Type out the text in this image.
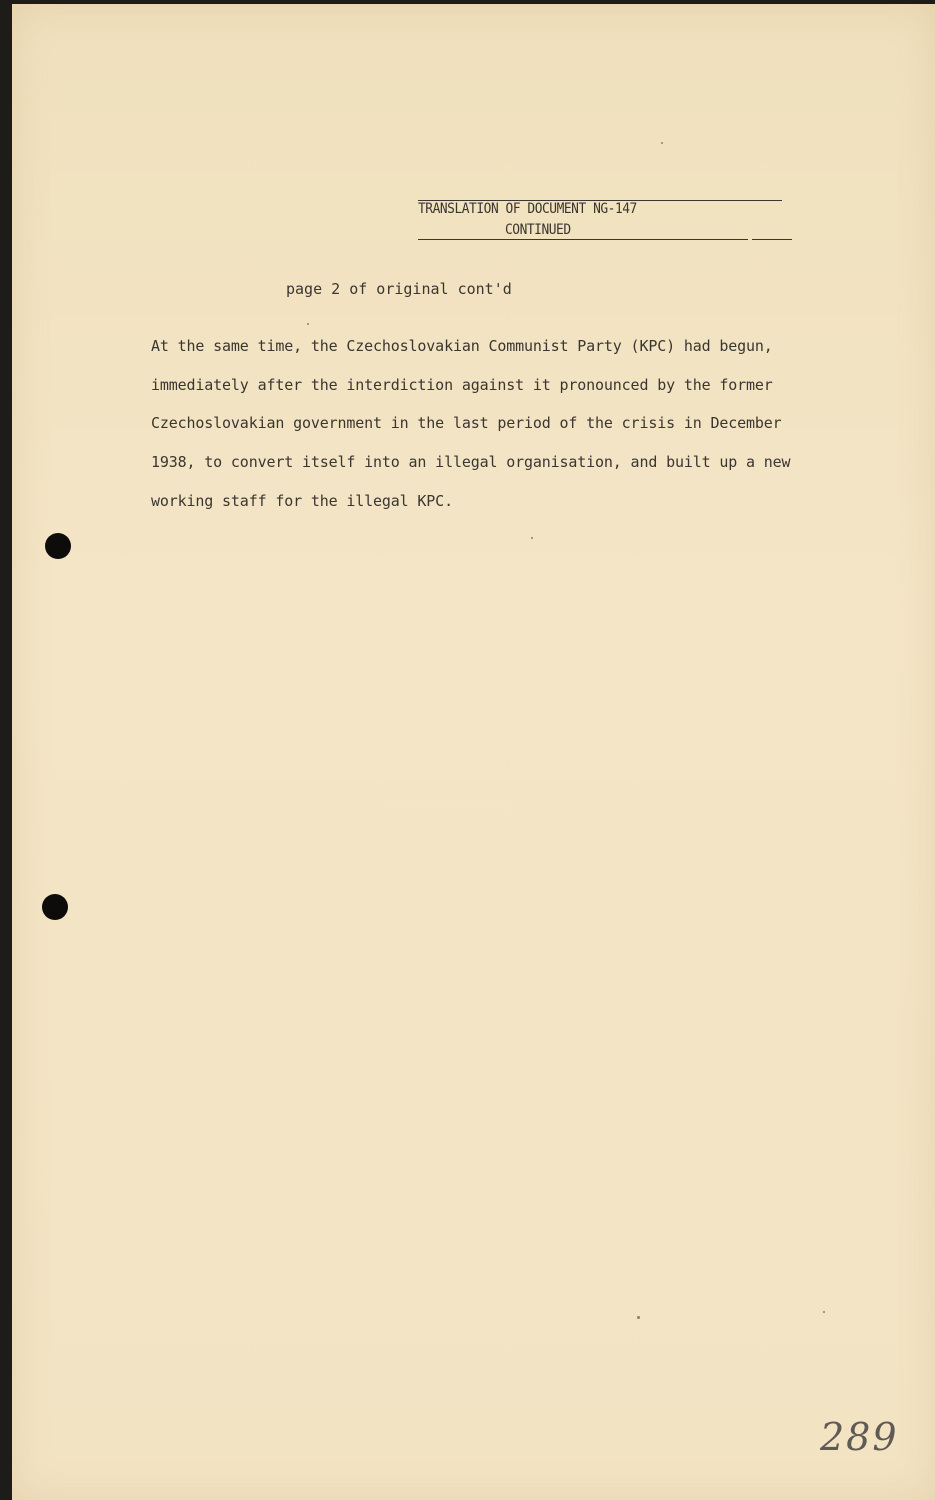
TRANSLATION OF DOCUMENT NG-147
CONTINUED
page 2 of original cont'd
At the same time, the Czechoslovakian Communist Party (KPC) had begun,
immediately after the interdiction against it pronounced by the former
Czechoslovakian government in the last period of the crisis in December
1938, to convert itself into an illegal organisation, and built up a new
working staff for the illegal KPC.
289
